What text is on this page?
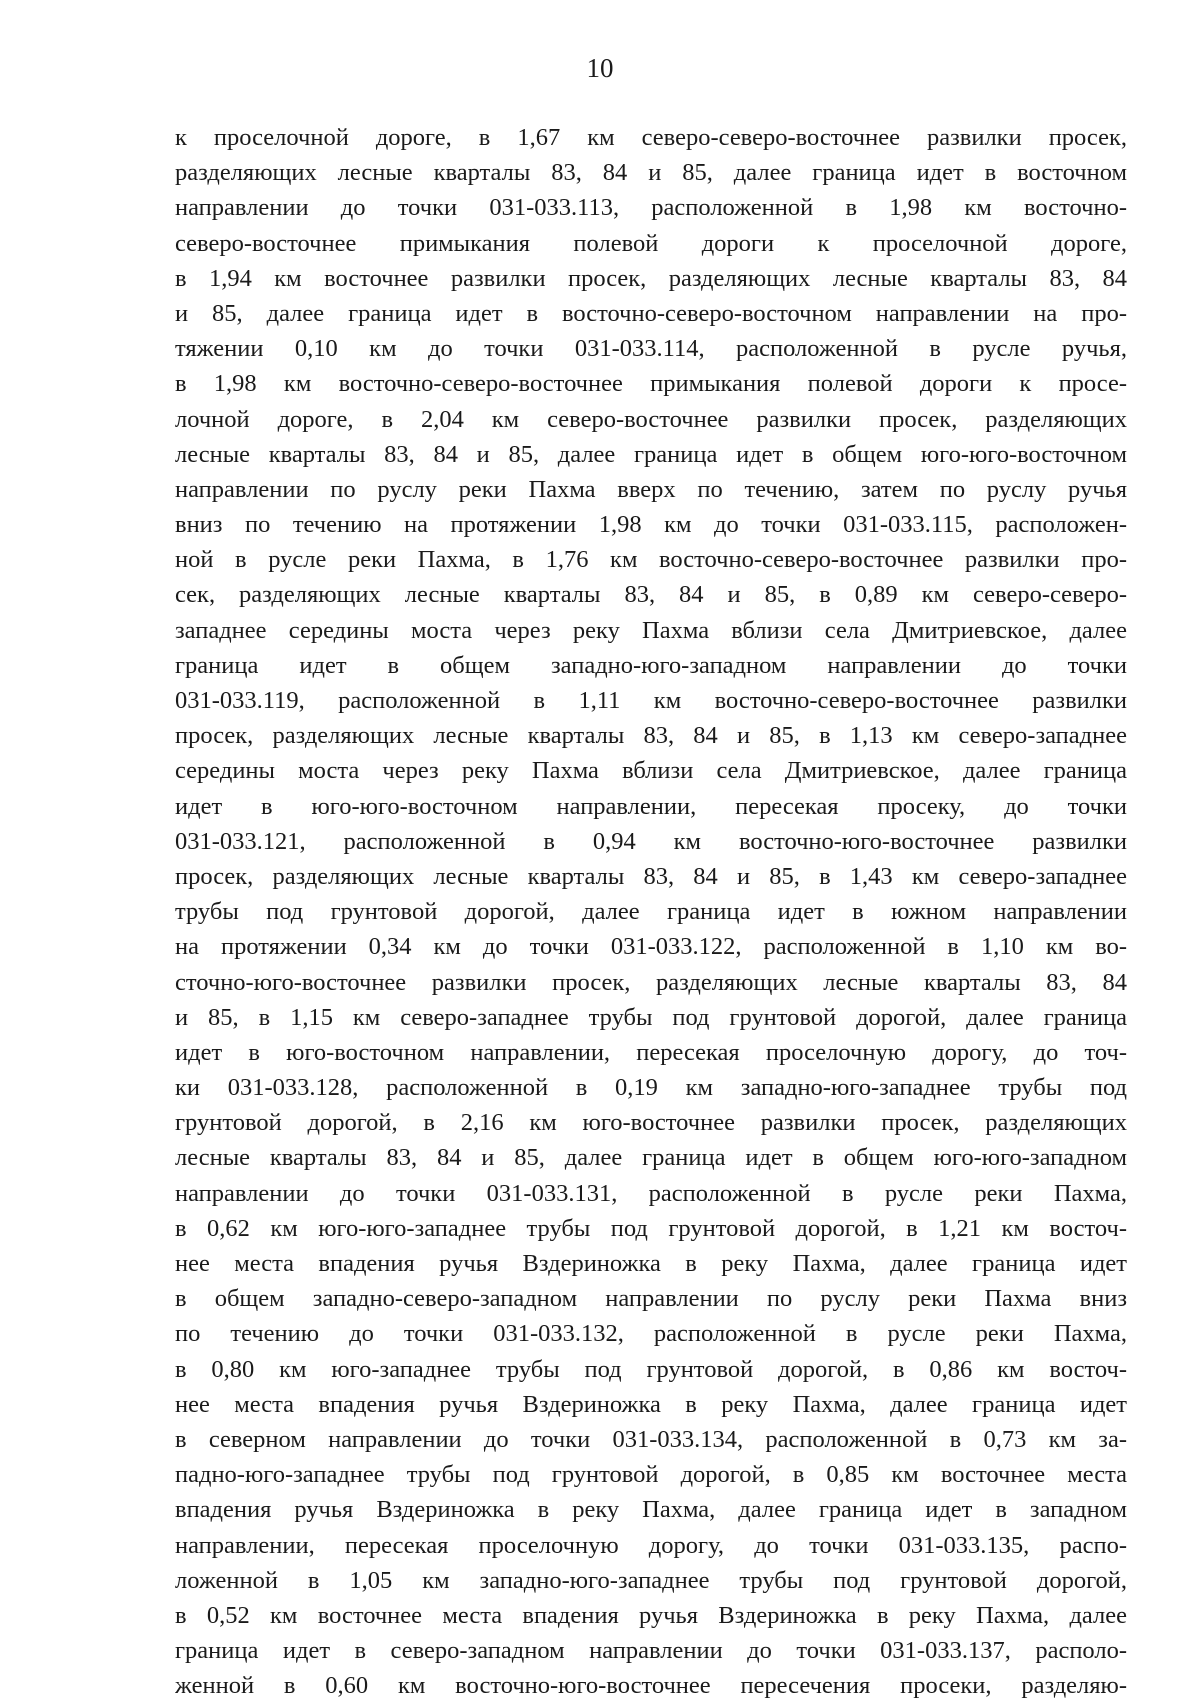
10
к проселочной дороге, в 1,67 км северо-северо-восточнее развилки просек,
разделяющих лесные кварталы 83, 84 и 85, далее граница идет в восточном
направлении до точки 031-033.113, расположенной в 1,98 км восточно-
северо-восточнее примыкания полевой дороги к проселочной дороге,
в 1,94 км восточнее развилки просек, разделяющих лесные кварталы 83, 84
и 85, далее граница идет в восточно-северо-восточном направлении на про-
тяжении 0,10 км до точки 031-033.114, расположенной в русле ручья,
в 1,98 км восточно-северо-восточнее примыкания полевой дороги к просе-
лочной дороге, в 2,04 км северо-восточнее развилки просек, разделяющих
лесные кварталы 83, 84 и 85, далее граница идет в общем юго-юго-восточном
направлении по руслу реки Пахма вверх по течению, затем по руслу ручья
вниз по течению на протяжении 1,98 км до точки 031-033.115, расположен-
ной в русле реки Пахма, в 1,76 км восточно-северо-восточнее развилки про-
сек, разделяющих лесные кварталы 83, 84 и 85, в 0,89 км северо-северо-
западнее середины моста через реку Пахма вблизи села Дмитриевское, далее
граница идет в общем западно-юго-западном направлении до точки
031-033.119, расположенной в 1,11 км восточно-северо-восточнее развилки
просек, разделяющих лесные кварталы 83, 84 и 85, в 1,13 км северо-западнее
середины моста через реку Пахма вблизи села Дмитриевское, далее граница
идет в юго-юго-восточном направлении, пересекая просеку, до точки
031-033.121, расположенной в 0,94 км восточно-юго-восточнее развилки
просек, разделяющих лесные кварталы 83, 84 и 85, в 1,43 км северо-западнее
трубы под грунтовой дорогой, далее граница идет в южном направлении
на протяжении 0,34 км до точки 031-033.122, расположенной в 1,10 км во-
сточно-юго-восточнее развилки просек, разделяющих лесные кварталы 83, 84
и 85, в 1,15 км северо-западнее трубы под грунтовой дорогой, далее граница
идет в юго-восточном направлении, пересекая проселочную дорогу, до точ-
ки 031-033.128, расположенной в 0,19 км западно-юго-западнее трубы под
грунтовой дорогой, в 2,16 км юго-восточнее развилки просек, разделяющих
лесные кварталы 83, 84 и 85, далее граница идет в общем юго-юго-западном
направлении до точки 031-033.131, расположенной в русле реки Пахма,
в 0,62 км юго-юго-западнее трубы под грунтовой дорогой, в 1,21 км восточ-
нее места впадения ручья Вздериножка в реку Пахма, далее граница идет
в общем западно-северо-западном направлении по руслу реки Пахма вниз
по течению до точки 031-033.132, расположенной в русле реки Пахма,
в 0,80 км юго-западнее трубы под грунтовой дорогой, в 0,86 км восточ-
нее места впадения ручья Вздериножка в реку Пахма, далее граница идет
в северном направлении до точки 031-033.134, расположенной в 0,73 км за-
падно-юго-западнее трубы под грунтовой дорогой, в 0,85 км восточнее места
впадения ручья Вздериножка в реку Пахма, далее граница идет в западном
направлении, пересекая проселочную дорогу, до точки 031-033.135, распо-
ложенной в 1,05 км западно-юго-западнее трубы под грунтовой дорогой,
в 0,52 км восточнее места впадения ручья Вздериножка в реку Пахма, далее
граница идет в северо-западном направлении до точки 031-033.137, располо-
женной в 0,60 км восточно-юго-восточнее пересечения просеки, разделяю-
